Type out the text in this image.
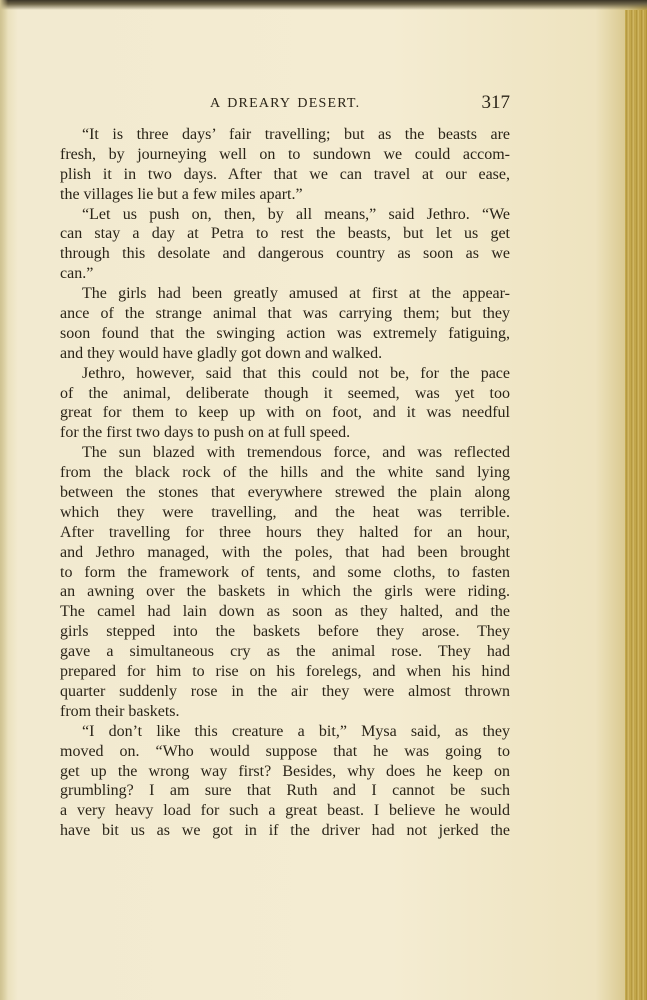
A DREARY DESERT.	317
“It is three days’ fair travelling; but as the beasts are
fresh, by journeying well on to sundown we could accom-
plish it in two days. After that we can travel at our ease,
the villages lie but a few miles apart.”
“Let us push on, then, by all means,” said Jethro. “We
can stay a day at Petra to rest the beasts, but let us get
through this desolate and dangerous country as soon as we
can.”
The girls had been greatly amused at first at the appear-
ance of the strange animal that was carrying them; but they
soon found that the swinging action was extremely fatiguing,
and they would have gladly got down and walked.
Jethro, however, said that this could not be, for the pace
of the animal, deliberate though it seemed, was yet too
great for them to keep up with on foot, and it was needful
for the first two days to push on at full speed.
The sun blazed with tremendous force, and was reflected
from the black rock of the hills and the white sand lying
between the stones that everywhere strewed the plain along
which they were travelling, and the heat was terrible.
After travelling for three hours they halted for an hour,
and Jethro managed, with the poles, that had been brought
to form the framework of tents, and some cloths, to fasten
an awning over the baskets in which the girls were riding.
The camel had lain down as soon as they halted, and the
girls stepped into the baskets before they arose. They
gave a simultaneous cry as the animal rose. They had
prepared for him to rise on his forelegs, and when his hind
quarter suddenly rose in the air they were almost thrown
from their baskets.
“I don’t like this creature a bit,” Mysa said, as they
moved on. “Who would suppose that he was going to
get up the wrong way first? Besides, why does he keep on
grumbling? I am sure that Ruth and I cannot be such
a very heavy load for such a great beast. I believe he would
have bit us as we got in if the driver had not jerked the
